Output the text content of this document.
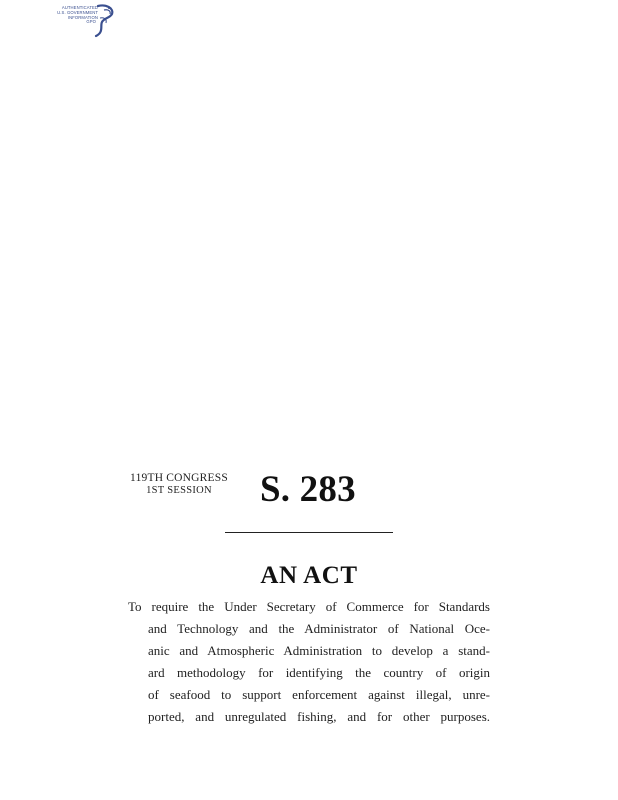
AUTHENTICATED
U.S. GOVERNMENT
INFORMATION
GPO
119TH CONGRESS
1ST SESSION	S. 283
AN ACT
To require the Under Secretary of Commerce for Standards
and Technology and the Administrator of National Oce-
anic and Atmospheric Administration to develop a stand-
ard methodology for identifying the country of origin
of seafood to support enforcement against illegal, unre-
ported, and unregulated fishing, and for other purposes.
